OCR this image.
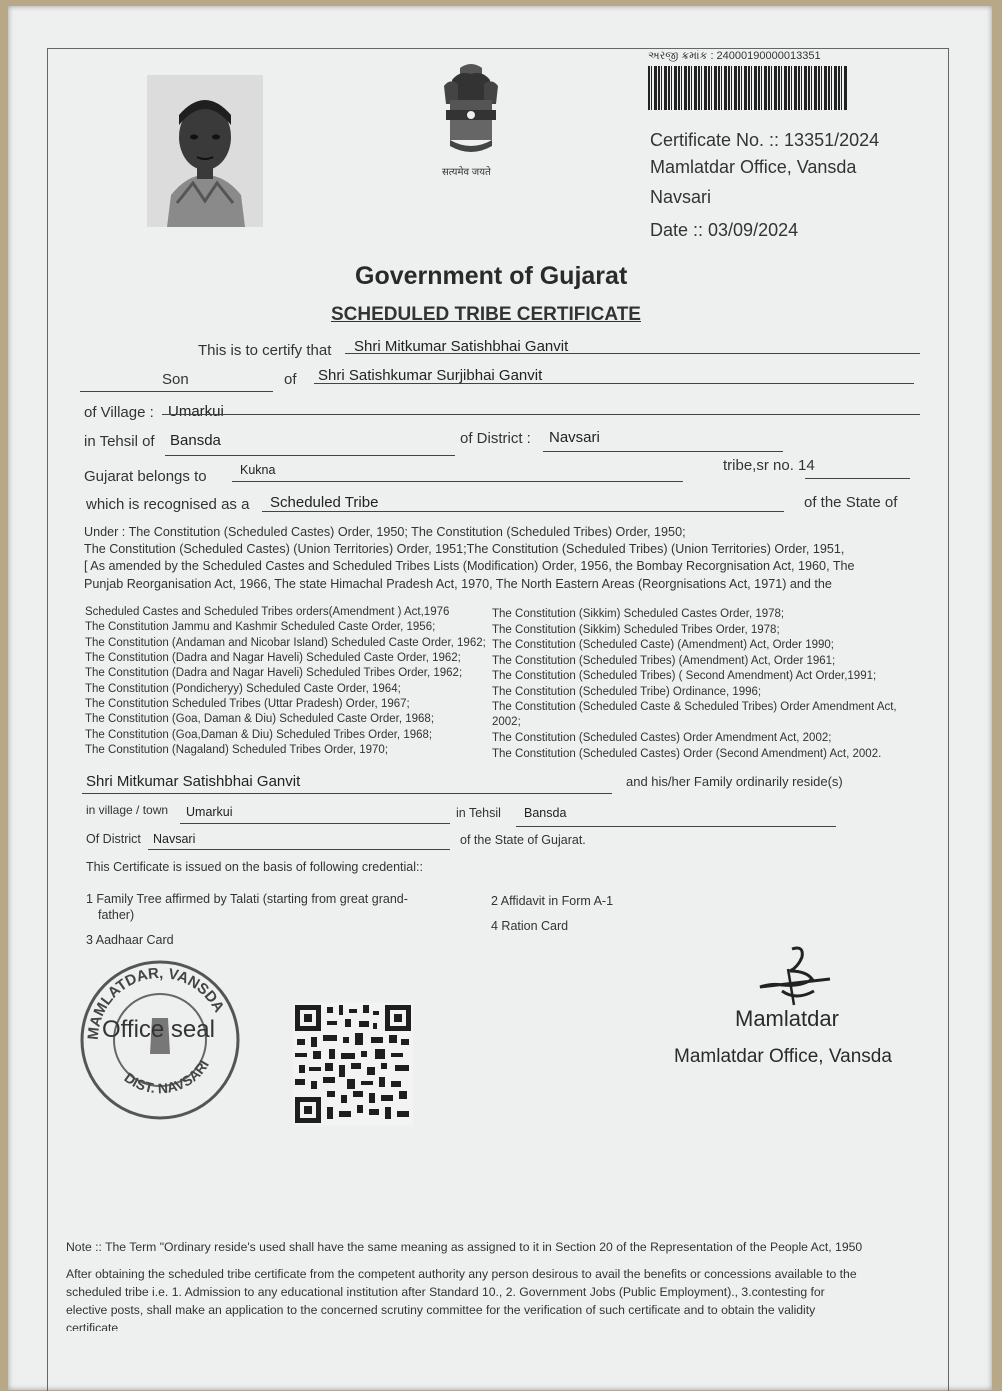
सत्यमेव जयते
અરજી ક્રમાંક : 24000190000013351
Certificate No. :: 13351/2024
Mamlatdar Office, Vansda
Navsari
Date :: 03/09/2024
Government of Gujarat
SCHEDULED TRIBE CERTIFICATE
This is to certify that Shri Mitkumar Satishbhai Ganvit
Son	of Shri Satishkumar Surjibhai Ganvit
of Village : Umarkui
in Tehsil of Bansda	of District : Navsari
Gujarat belongs to	Kukna	tribe,sr no. 14
which is recognised as a Scheduled Tribe	of the State of
Under : The Constitution (Scheduled Castes) Order, 1950; The Constitution (Scheduled Tribes) Order, 1950;
The Constitution (Scheduled Castes) (Union Territories) Order, 1951;The Constitution (Scheduled Tribes) (Union Territories) Order, 1951,
[ As amended by the Scheduled Castes and Scheduled Tribes Lists (Modification) Order, 1956, the Bombay Recorgnisation Act, 1960, The
Punjab Reorganisation Act, 1966, The state Himachal Pradesh Act, 1970, The North Eastern Areas (Reorgnisations Act, 1971) and the
Scheduled Castes and Scheduled Tribes orders(Amendment ) Act,1976
The Constitution Jammu and Kashmir Scheduled Caste Order, 1956;
The Constitution (Andaman and Nicobar Island) Scheduled Caste Order, 1962;
The Constitution (Dadra and Nagar Haveli) Scheduled Caste Order, 1962;
The Constitution (Dadra and Nagar Haveli) Scheduled Tribes Order, 1962;
The Constitution (Pondicheryy) Scheduled Caste Order, 1964;
The Constitution Scheduled Tribes (Uttar Pradesh) Order, 1967;
The Constitution (Goa, Daman & Diu) Scheduled Caste Order, 1968;
The Constitution (Goa,Daman & Diu) Scheduled Tribes Order, 1968;
The Constitution (Nagaland) Scheduled Tribes Order, 1970;
The Constitution (Sikkim) Scheduled Castes Order, 1978;
The Constitution (Sikkim) Scheduled Tribes Order, 1978;
The Constitution (Scheduled Caste) (Amendment) Act, Order 1990;
The Constitution (Scheduled Tribes) (Amendment) Act, Order 1961;
The Constitution (Scheduled Tribes) ( Second Amendment) Act Order,1991;
The Constitution (Scheduled Tribe) Ordinance, 1996;
The Constitution (Scheduled Caste & Scheduled Tribes) Order Amendment Act,
2002;
The Constitution (Scheduled Castes) Order Amendment Act, 2002;
The Constitution (Scheduled Castes) Order (Second Amendment) Act, 2002.
Shri Mitkumar Satishbhai Ganvit	and his/her Family ordinarily reside(s)
in village / town Umarkui	in Tehsil Bansda
Of District Navsari	of the State of Gujarat.
This Certificate is issued on the basis of following credential::
1 Family Tree affirmed by Talati (starting from great grand-
father)
2 Affidavit in Form A-1
3 Aadhaar Card
4 Ration Card
MAMLATDAR, VANSDA
DIST. NAVSARI
Office seal	Mamlatdar
Mamlatdar Office, Vansda
Note :: The Term "Ordinary reside's used shall have the same meaning as assigned to it in Section 20 of the Representation of the People Act, 1950
After obtaining the scheduled tribe certificate from the competent authority any person desirous to avail the benefits or concessions available to the
scheduled tribe i.e. 1. Admission to any educational institution after Standard 10., 2. Government Jobs (Public Employment)., 3.contesting for
elective posts, shall make an application to the concerned scrutiny committee for the verification of such certificate and to obtain the validity
certificate
